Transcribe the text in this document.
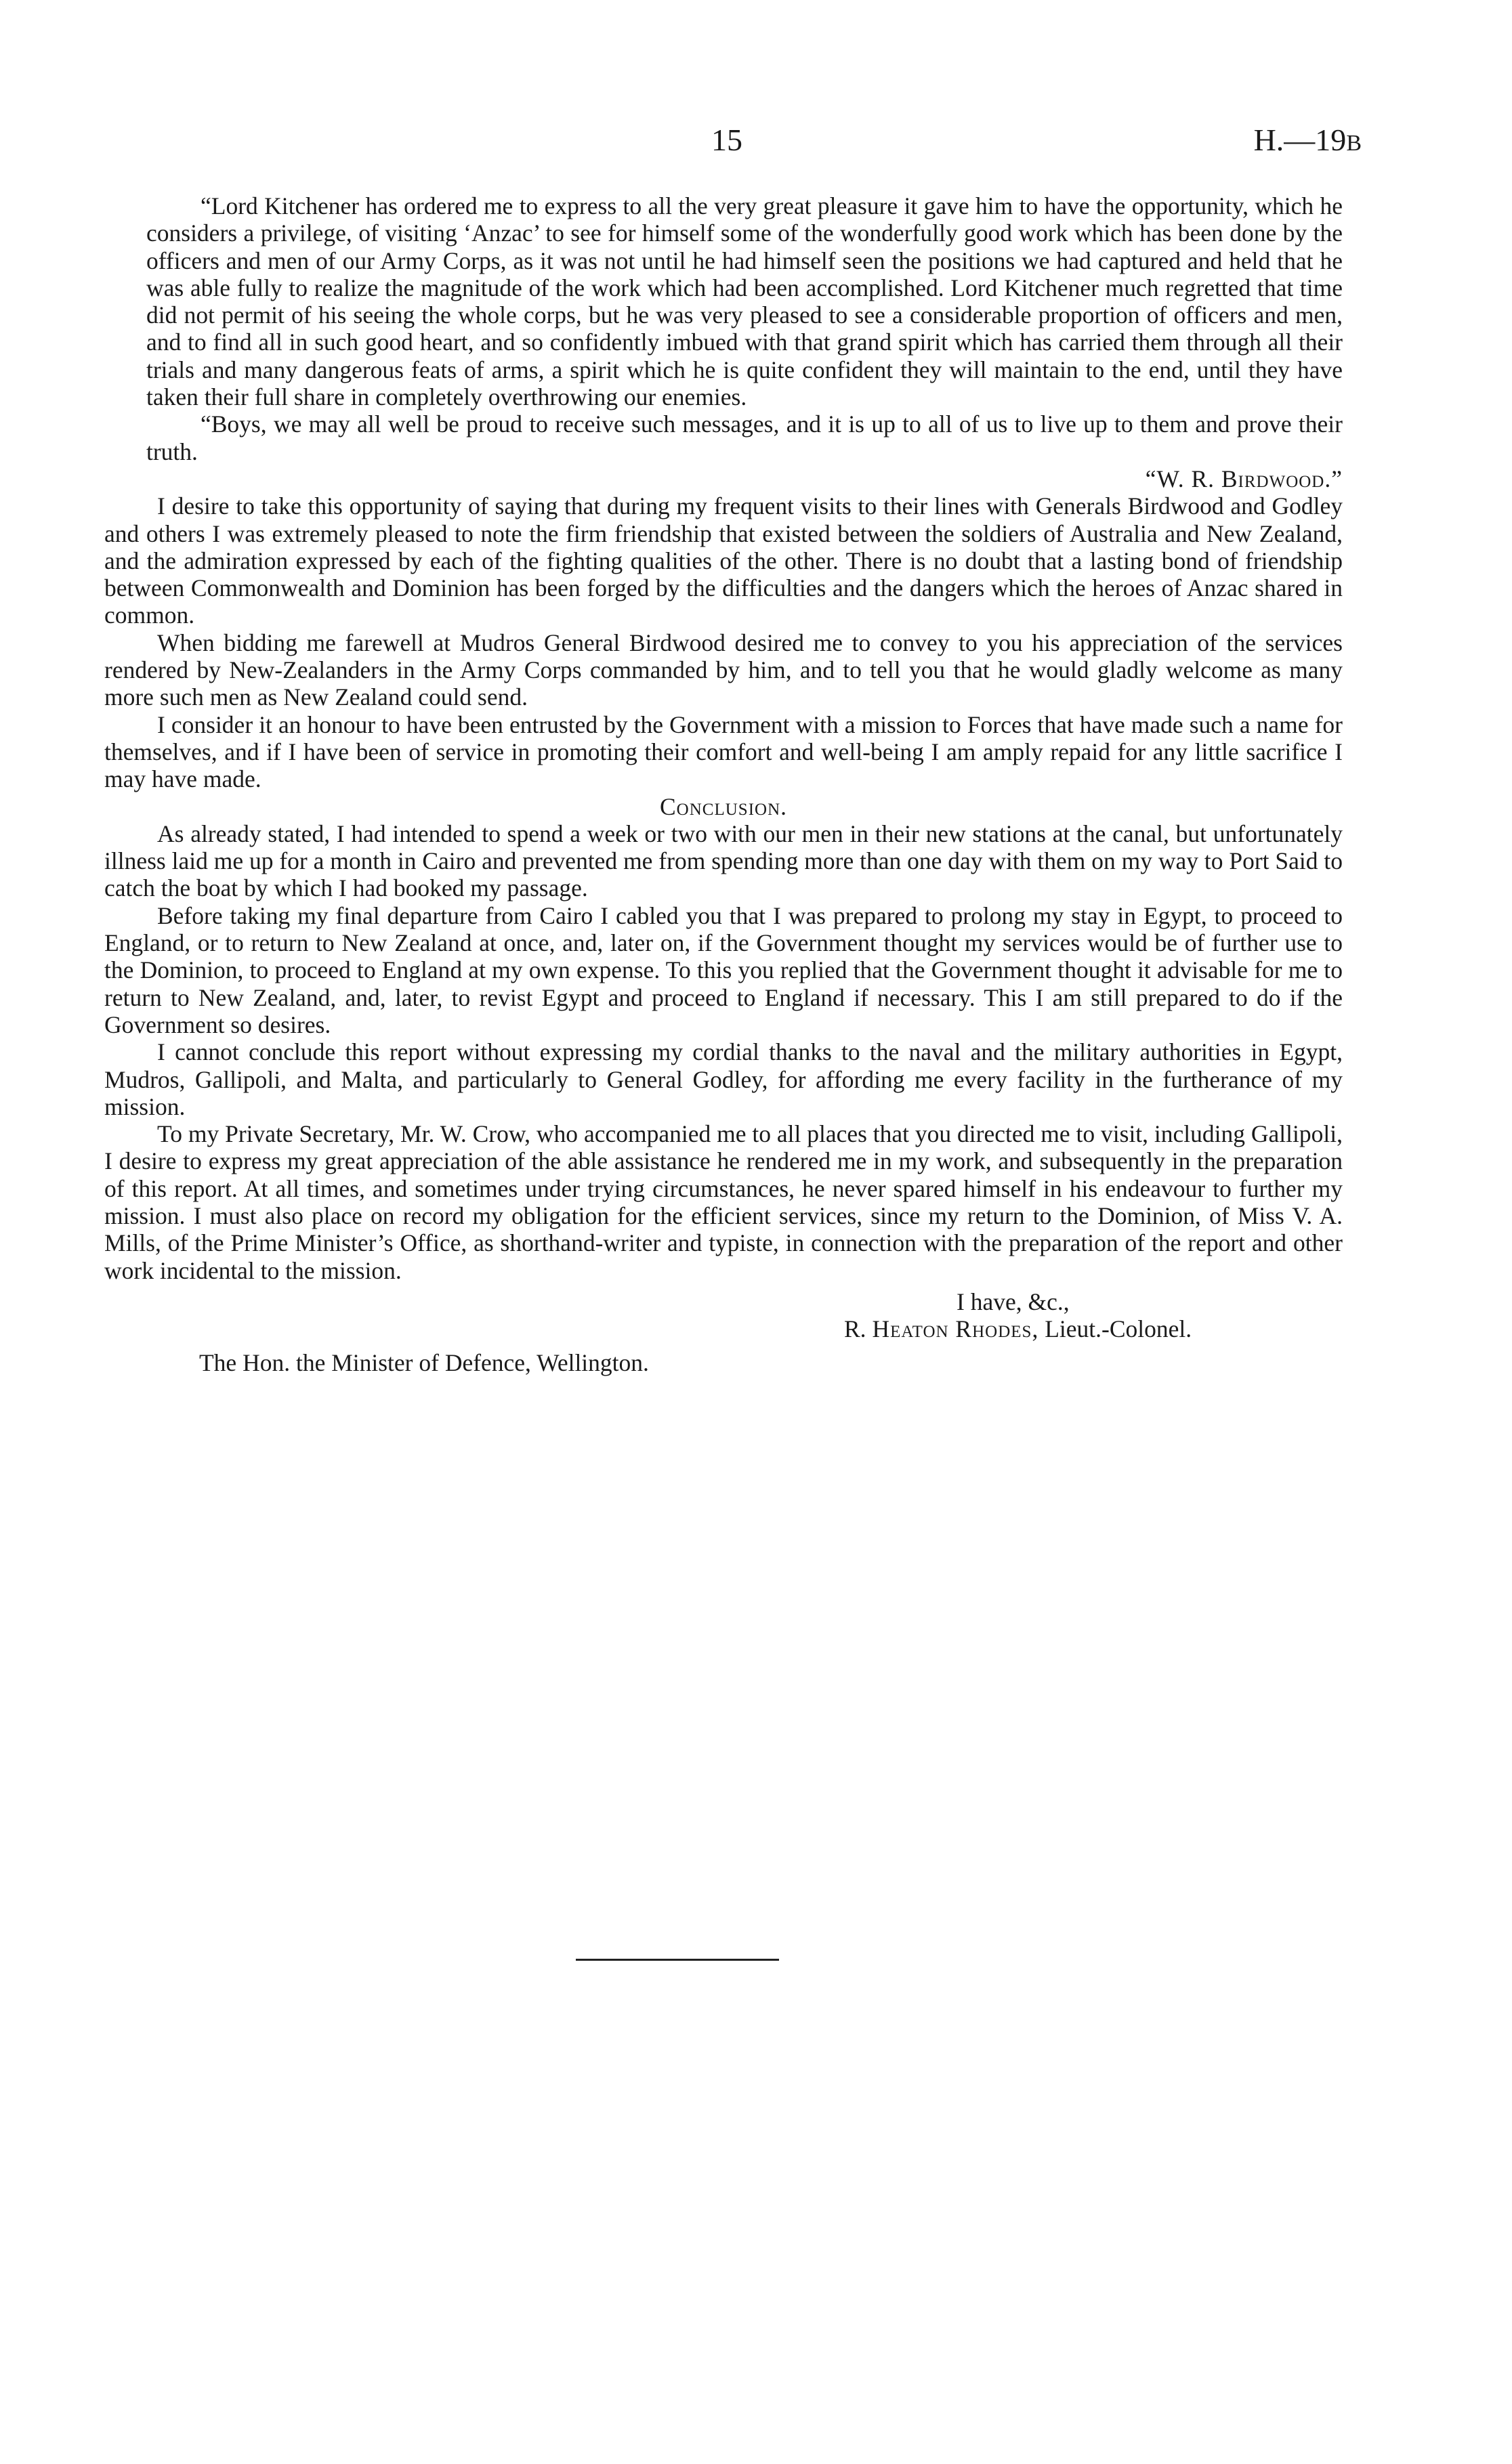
15	H.—19B

“Lord Kitchener has ordered me to express to all the very great pleasure it gave him to have the opportunity, which he considers a privilege, of visiting ‘Anzac’ to see for himself some of the wonderfully good work which has been done by the officers and men of our Army Corps, as it was not until he had himself seen the positions we had captured and held that he was able fully to realize the magnitude of the work which had been accomplished. Lord Kitchener much regretted that time did not permit of his seeing the whole corps, but he was very pleased to see a considerable proportion of officers and men, and to find all in such good heart, and so confidently imbued with that grand spirit which has carried them through all their trials and many dangerous feats of arms, a spirit which he is quite confident they will maintain to the end, until they have taken their full share in completely overthrowing our enemies.

“Boys, we may all well be proud to receive such messages, and it is up to all of us to live up to them and prove their truth.

“W. R. Birdwood.”

I desire to take this opportunity of saying that during my frequent visits to their lines with Generals Birdwood and Godley and others I was extremely pleased to note the firm friendship that existed between the soldiers of Australia and New Zealand, and the admiration expressed by each of the fighting qualities of the other. There is no doubt that a lasting bond of friendship between Commonwealth and Dominion has been forged by the difficulties and the dangers which the heroes of Anzac shared in common.

When bidding me farewell at Mudros General Birdwood desired me to convey to you his appreciation of the services rendered by New-Zealanders in the Army Corps commanded by him, and to tell you that he would gladly welcome as many more such men as New Zealand could send.

I consider it an honour to have been entrusted by the Government with a mission to Forces that have made such a name for themselves, and if I have been of service in promoting their comfort and well-being I am amply repaid for any little sacrifice I may have made.

Conclusion.

As already stated, I had intended to spend a week or two with our men in their new stations at the canal, but unfortunately illness laid me up for a month in Cairo and prevented me from spending more than one day with them on my way to Port Said to catch the boat by which I had booked my passage.

Before taking my final departure from Cairo I cabled you that I was prepared to prolong my stay in Egypt, to proceed to England, or to return to New Zealand at once, and, later on, if the Government thought my services would be of further use to the Dominion, to proceed to England at my own expense. To this you replied that the Government thought it advisable for me to return to New Zealand, and, later, to revist Egypt and proceed to England if necessary. This I am still prepared to do if the Government so desires.

I cannot conclude this report without expressing my cordial thanks to the naval and the military authorities in Egypt, Mudros, Gallipoli, and Malta, and particularly to General Godley, for affording me every facility in the furtherance of my mission.

To my Private Secretary, Mr. W. Crow, who accompanied me to all places that you directed me to visit, including Gallipoli, I desire to express my great appreciation of the able assistance he rendered me in my work, and subsequently in the preparation of this report. At all times, and sometimes under trying circumstances, he never spared himself in his endeavour to further my mission. I must also place on record my obligation for the efficient services, since my return to the Dominion, of Miss V. A. Mills, of the Prime Minister’s Office, as shorthand-writer and typiste, in connection with the preparation of the report and other work incidental to the mission.

I have, &c.,

R. Heaton Rhodes, Lieut.-Colonel.

The Hon. the Minister of Defence, Wellington.
